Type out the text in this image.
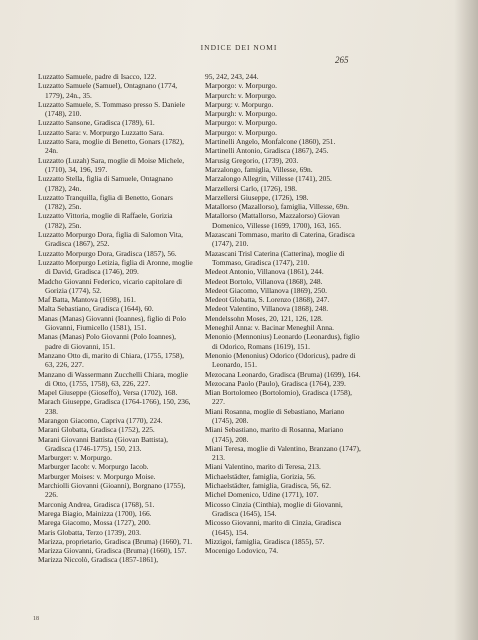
INDICE DEI NOMI
265

Luzzatto Samuele, padre di Isacco, 122.

Luzzatto Samuele (Samuel), Ontagnano (1774, 1779), 24n., 35.

Luzzatto Samuele, S. Tommaso presso S. Daniele (1748), 210.

Luzzatto Sansone, Gradisca (1789), 61.

Luzzatto Sara: v. Morpurgo Luzzatto Sara.

Luzzatto Sara, moglie di Benetto, Gonars (1782), 24n.

Luzzatto (Luzah) Sara, moglie di Moise Michele, (1710), 34, 196, 197.

Luzzatto Stella, figlia di Samuele, Ontagnano (1782), 24n.

Luzzatto Tranquilla, figlia di Benetto, Gonars (1782), 25n.

Luzzatto Vittoria, moglie di Raffaele, Gorizia (1782), 25n.

Luzzatto Morpurgo Dora, figlia di Salomon Vita, Gradisca (1867), 252.

Luzzatto Morpurgo Dora, Gradisca (1857), 56.

Luzzatto Morpurgo Letizia, figlia di Aronne, moglie di David, Gradisca (1746), 209.

Madcho Giovanni Federico, vicario capitolare di Gorizia (1774), 52.

Maf Batta, Mantova (1698), 161.

Malta Sebastiano, Gradisca (1644), 60.

Manas (Manas) Giovanni (Ioannes), figlio di Polo Giovanni, Fiumicello (1581), 151.

Manas (Manas) Polo Giovanni (Polo Ioannes), padre di Giovanni, 151.

Manzano Otto di, marito di Chiara, (1755, 1758), 63, 226, 227.

Manzano di Wassermann Zucchelli Chiara, moglie di Otto, (1755, 1758), 63, 226, 227.

Mapel Giuseppe (Gioseffo), Versa (1702), 168.

Marach Giuseppe, Gradisca (1764-1766), 150, 236, 238.

Marangon Giacomo, Capriva (1770), 224.

Marani Globatta, Gradisca (1752), 225.

Marani Giovanni Battista (Giovan Battista), Gradisca (1746-1775), 150, 213.

Marburger: v. Morpurgo.

Marburger Iacob: v. Morpurgo Iacob.

Marburger Moises: v. Morpurgo Moise.

Marchiolli Giovanni (Gioanni), Borgnano (1755), 226.

Marconig Andrea, Gradisca (1768), 51.

Marega Biagio, Mainizza (1700), 166.

Marega Giacomo, Mossa (1727), 200.

Maris Globatta, Terzo (1739), 203.

Marizza, proprietario, Gradisca (Bruma) (1660), 71.

Marizza Giovanni, Gradisca (Bruma) (1660), 157.

Marizza Niccolò, Gradisca (1857-1861),

95, 242, 243, 244.

Marporgo: v. Morpurgo.

Marpurch: v. Morpurgo.

Marpurg: v. Morpurgo.

Marpurgh: v. Morpurgo.

Marpurgo: v. Morpurgo.

Marpurgo: v. Morpurgo.

Martinelli Angelo, Monfalcone (1860), 251.

Martinelli Antonio, Gradisca (1867), 245.

Marusig Gregorio, (1739), 203.

Marzalongo, famiglia, Villesse, 69n.

Marzalongo Allegrin, Villesse (1741), 205.

Marzellersi Carlo, (1726), 198.

Marzellersi Giuseppe, (1726), 198.

Matallorso (Mazallorso), famiglia, Villesse, 69n.

Matallorso (Mattallorso, Mazzalorso) Giovan Domenico, Villesse (1699, 1700), 163, 165.

Mazascani Tommaso, marito di Caterina, Gradisca (1747), 210.

Mazascani Trisl Caterina (Catterina), moglie di Tommaso, Gradisca (1747), 210.

Medeot Antonio, Villanova (1861), 244.

Medeot Bortolo, Villanova (1868), 248.

Medeot Giacomo, Villanova (1869), 250.

Medeot Globatta, S. Lorenzo (1868), 247.

Medeot Valentino, Villanova (1868), 248.

Mendelssohn Moses, 20, 121, 126, 128.

Meneghil Anna: v. Bacinar Meneghil Anna.

Menonio (Mennonius) Leonardo (Leonardus), figlio di Odorico, Romans (1619), 151.

Menonio (Menonius) Odorico (Odoricus), padre di Leonardo, 151.

Mezocana Leonardo, Gradisca (Bruma) (1699), 164.

Mezocana Paolo (Paulo), Gradisca (1764), 239.

Mian Bortolomeo (Bortolomio), Gradisca (1758), 227.

Miani Rosanna, moglie di Sebastiano, Mariano (1745), 208.

Miani Sebastiano, marito di Rosanna, Mariano (1745), 208.

Miani Teresa, moglie di Valentino, Branzano (1747), 213.

Miani Valentino, marito di Teresa, 213.

Michaelstädter, famiglia, Gorizia, 56.

Michaelstädter, famiglia, Gradisca, 56, 62.

Michel Domenico, Udine (1771), 107.

Micosso Cinzia (Cinthia), moglie di Giovanni, Gradisca (1645), 154.

Micosso Giovanni, marito di Cinzia, Gradisca (1645), 154.

Mizzigoi, famiglia, Gradisca (1855), 57.

Mocenigo Lodovico, 74.

18
